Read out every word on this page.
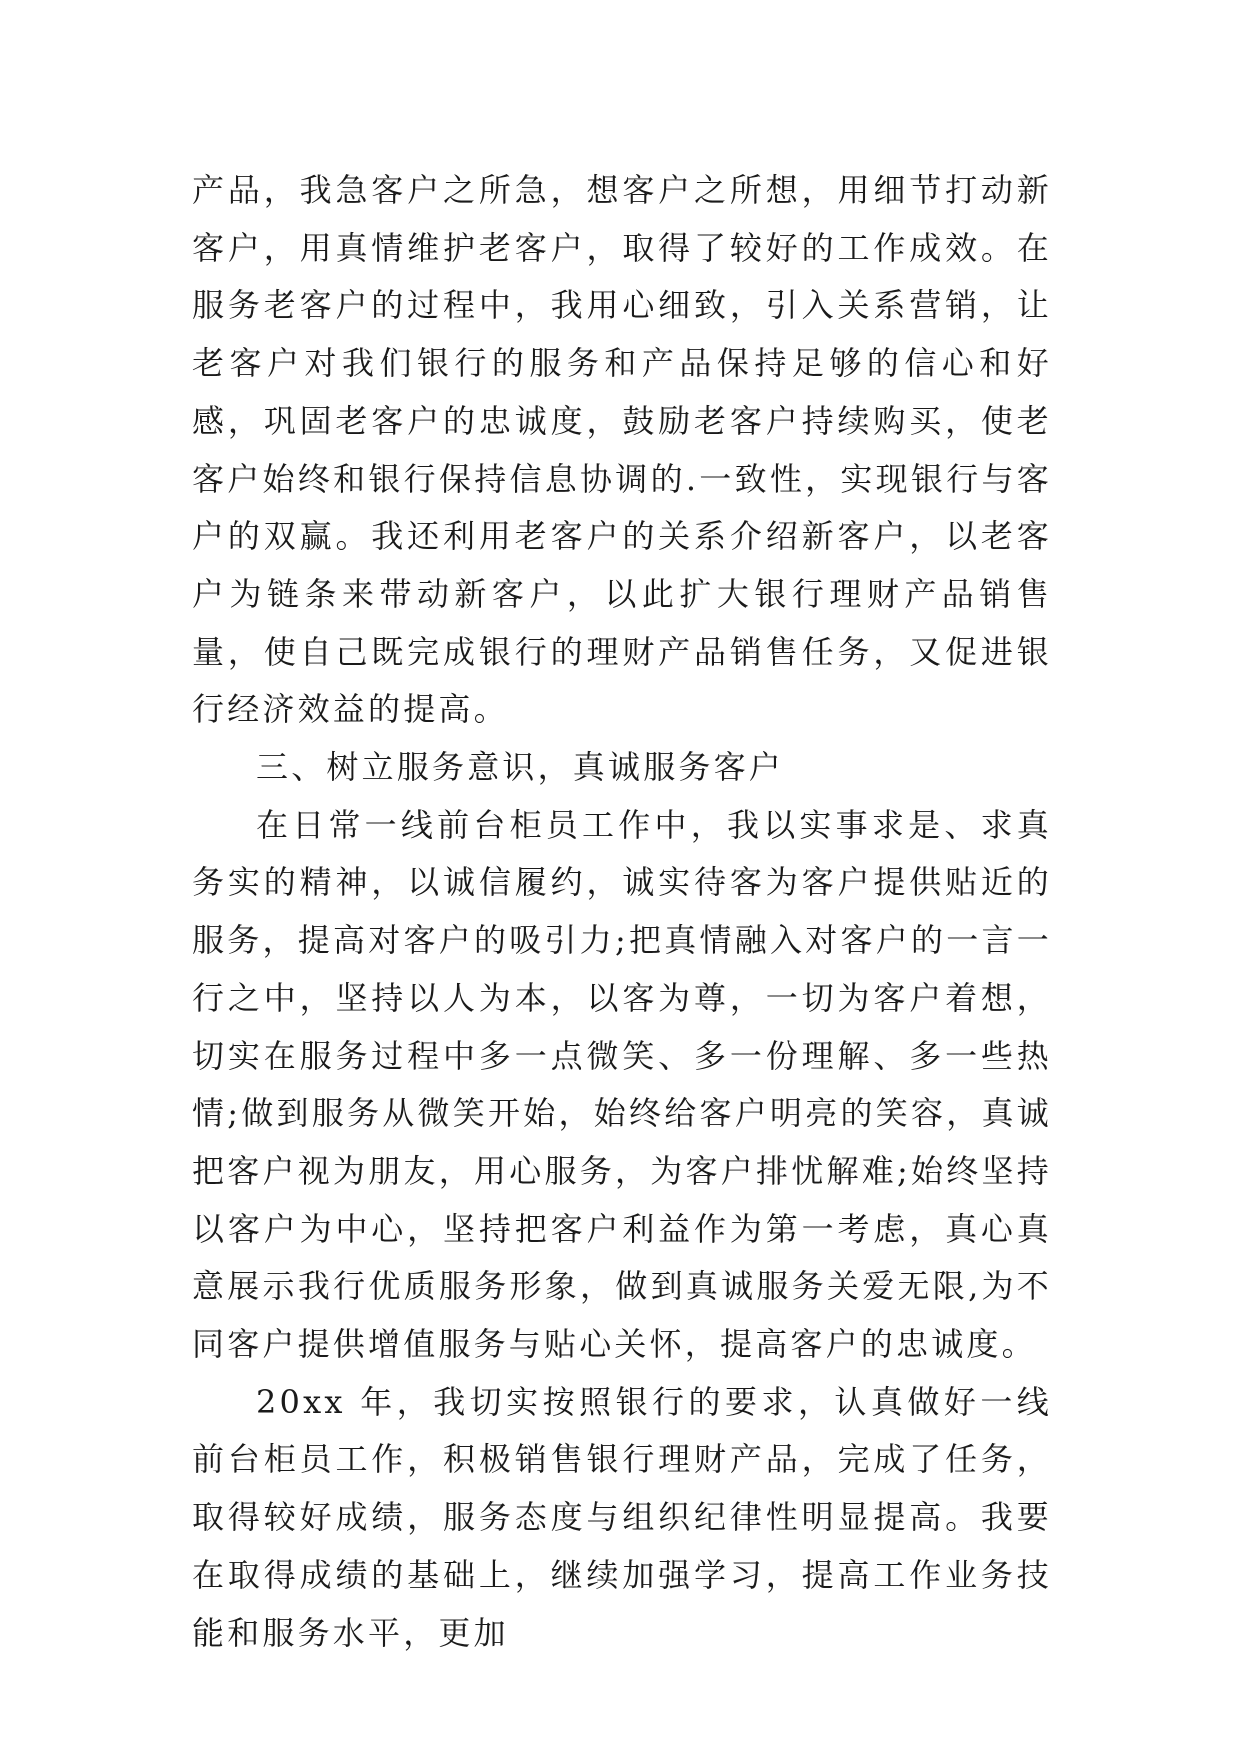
产品，我急客户之所急，想客户之所想，用细节打动新客户，用真情维护老客户，取得了较好的工作成效。在服务老客户的过程中，我用心细致，引入关系营销，让老客户对我们银行的服务和产品保持足够的信心和好感，巩固老客户的忠诚度，鼓励老客户持续购买，使老客户始终和银行保持信息协调的.一致性，实现银行与客户的双赢。我还利用老客户的关系介绍新客户，以老客户为链条来带动新客户，以此扩大银行理财产品销售量，使自己既完成银行的理财产品销售任务，又促进银行经济效益的提高。

三、树立服务意识，真诚服务客户

在日常一线前台柜员工作中，我以实事求是、求真务实的精神，以诚信履约，诚实待客为客户提供贴近的服务，提高对客户的吸引力;把真情融入对客户的一言一行之中，坚持以人为本，以客为尊，一切为客户着想，切实在服务过程中多一点微笑、多一份理解、多一些热情;做到服务从微笑开始，始终给客户明亮的笑容，真诚把客户视为朋友，用心服务，为客户排忧解难;始终坚持以客户为中心，坚持把客户利益作为第一考虑，真心真意展示我行优质服务形象，做到真诚服务关爱无限,为不同客户提供增值服务与贴心关怀，提高客户的忠诚度。

20xx 年，我切实按照银行的要求，认真做好一线前台柜员工作，积极销售银行理财产品，完成了任务，取得较好成绩，服务态度与组织纪律性明显提高。我要在取得成绩的基础上，继续加强学习，提高工作业务技能和服务水平，更加
